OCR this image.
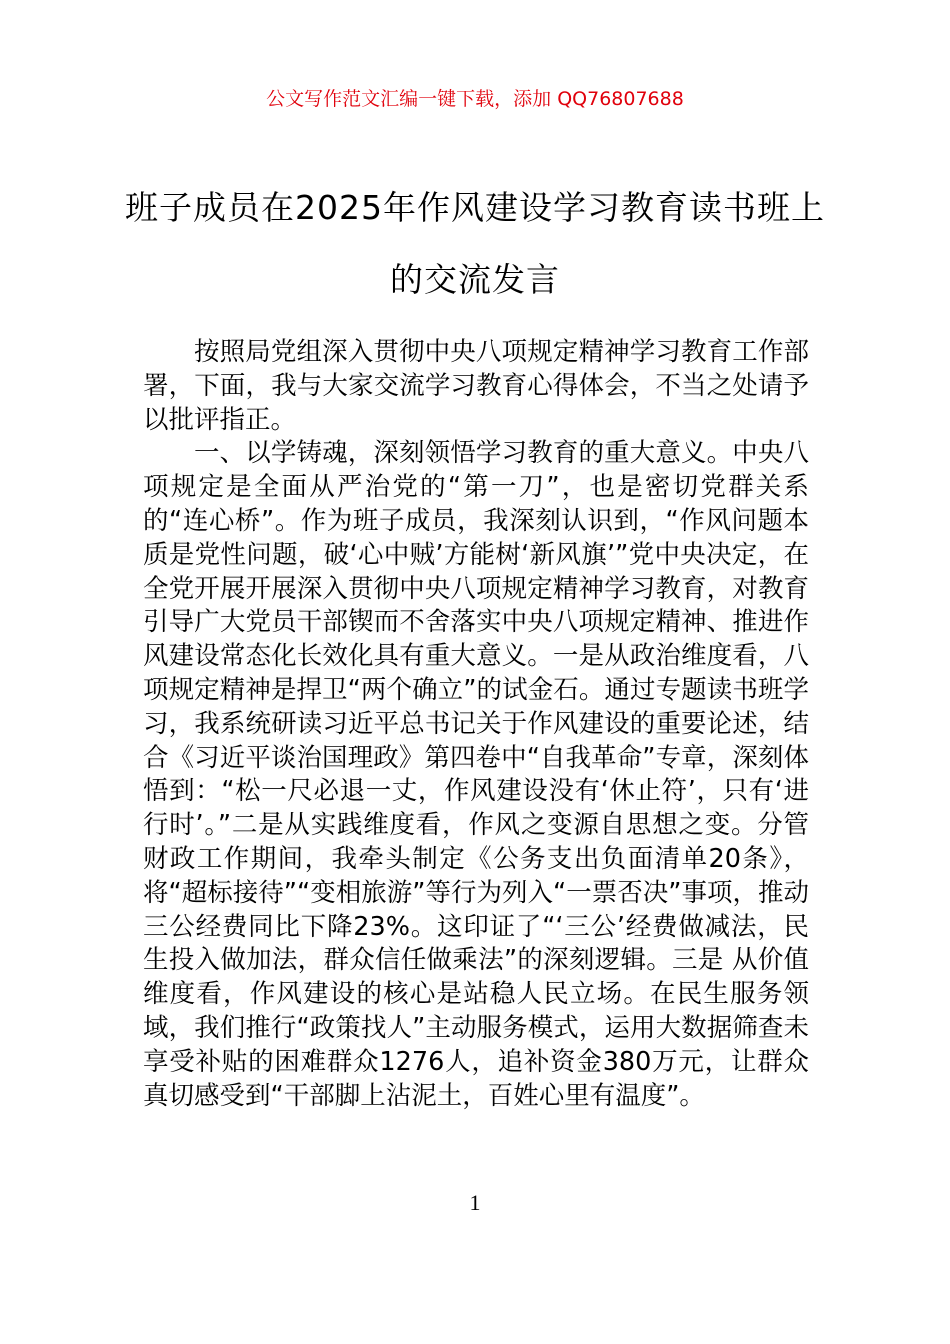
公文写作范文汇编一键下载，添加 QQ76807688
班子成员在2025年作风建设学习教育读书班上的交流发言

按照局党组深入贯彻中央八项规定精神学习教育工作部署，下面，我与大家交流学习教育心得体会，不当之处请予以批评指正。

一、以学铸魂，深刻领悟学习教育的重大意义。中央八项规定是全面从严治党的“第一刀”，也是密切党群关系的“连心桥”。作为班子成员，我深刻认识到，“作风问题本质是党性问题，破‘心中贼’方能树‘新风旗’”党中央决定，在全党开展开展深入贯彻中央八项规定精神学习教育，对教育引导广大党员干部锲而不舍落实中央八项规定精神、推进作风建设常态化长效化具有重大意义。一是从政治维度看，八项规定精神是捍卫“两个确立”的试金石。通过专题读书班学习，我系统研读习近平总书记关于作风建设的重要论述，结合《习近平谈治国理政》第四卷中“自我革命”专章，深刻体悟到：“松一尺必退一丈，作风建设没有‘休止符’，只有‘进行时’。”二是从实践维度看，作风之变源自思想之变。分管财政工作期间，我牵头制定《公务支出负面清单20条》，将“超标接待”“变相旅游”等行为列入“一票否决”事项，推动三公经费同比下降23%。这印证了“‘三公’经费做减法，民生投入做加法，群众信任做乘法”的深刻逻辑。三是 从价值维度看，作风建设的核心是站稳人民立场。在民生服务领域，我们推行“政策找人”主动服务模式，运用大数据筛查未享受补贴的困难群众1276人，追补资金380万元，让群众真切感受到“干部脚上沾泥土，百姓心里有温度”。

1
